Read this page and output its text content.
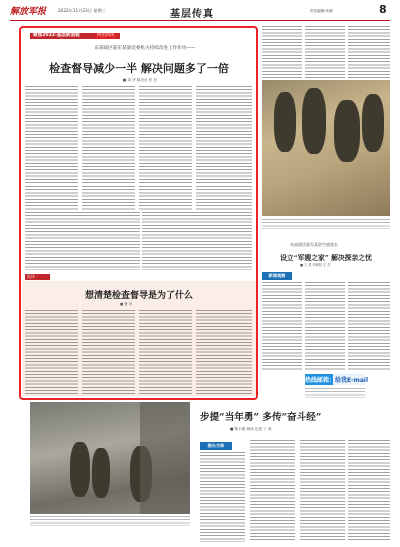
解放军报	2022年11月23日 星期三	基层传真	责任编辑/朱静	8
聚焦2022·基层新面貌	纠治四风
东部战区陆军某旅党委机关持续改进工作作风——
检查督导减少一半 解决问题多了一倍
■ 周 华 陈庆良 张 亮
短评
想清楚检查督导是为了什么
■ 鲁 彦
东部战区陆军某防空旅旅长
设立“军嫂之家” 解决探亲之忧
■ 王 凯 李晓阳 左 杰
新闻观察
热线邮箱：给我E-mail
步提“当年勇” 多传“奋斗经”
■ 陈小燕 杨伟 记者 丁 涛
排长方阵
